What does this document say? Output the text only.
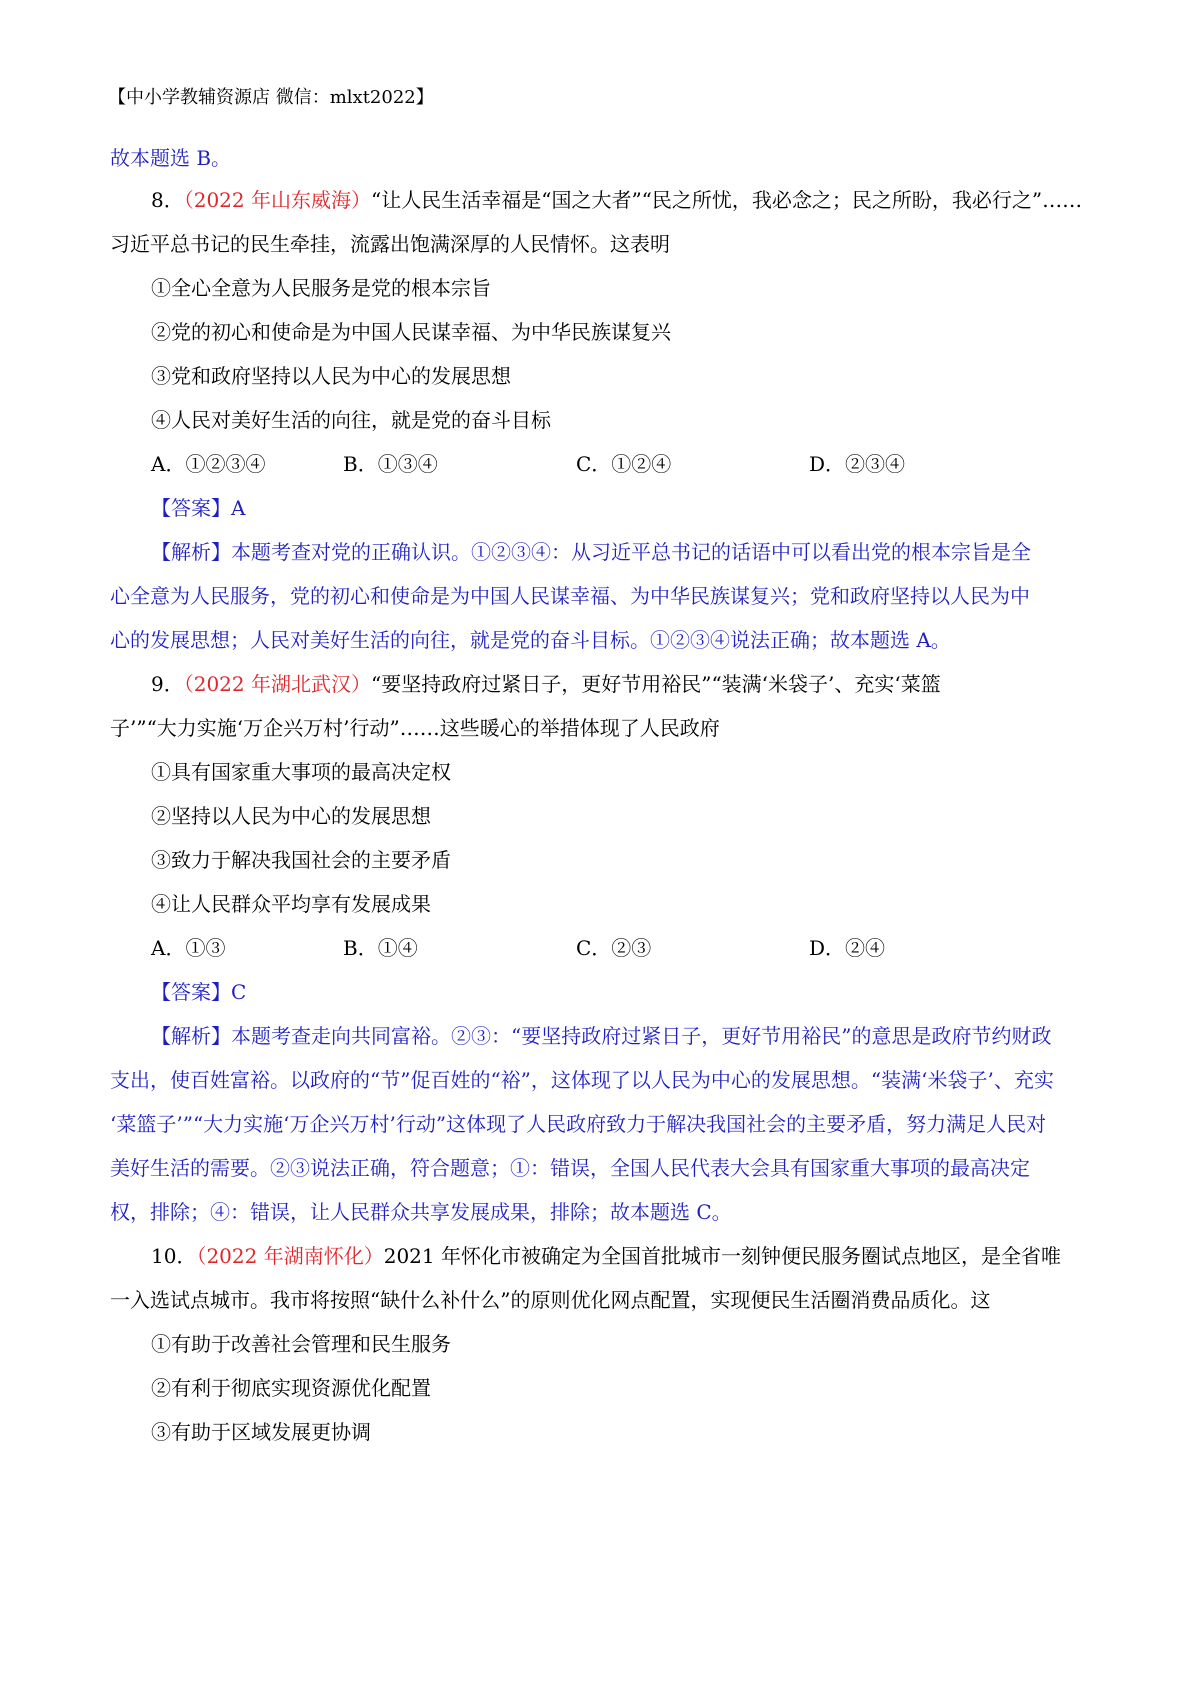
【中小学教辅资源店 微信：mlxt2022】
故本题选 B。
8．（2022 年山东威海）“让人民生活幸福是“国之大者”“民之所忧，我必念之；民之所盼，我必行之”……
习近平总书记的民生牵挂，流露出饱满深厚的人民情怀。这表明
①全心全意为人民服务是党的根本宗旨
②党的初心和使命是为中国人民谋幸福、为中华民族谋复兴
③党和政府坚持以人民为中心的发展思想
④人民对美好生活的向往，就是党的奋斗目标
A．①②③④	B．①③④	C．①②④	D．②③④
【答案】A
【解析】本题考查对党的正确认识。①②③④：从习近平总书记的话语中可以看出党的根本宗旨是全
心全意为人民服务，党的初心和使命是为中国人民谋幸福、为中华民族谋复兴；党和政府坚持以人民为中
心的发展思想；人民对美好生活的向往，就是党的奋斗目标。①②③④说法正确；故本题选 A。
9．（2022 年湖北武汉）“要坚持政府过紧日子，更好节用裕民”“装满‘米袋子’、充实‘菜篮
子’”“大力实施‘万企兴万村’行动”……这些暖心的举措体现了人民政府
①具有国家重大事项的最高决定权
②坚持以人民为中心的发展思想
③致力于解决我国社会的主要矛盾
④让人民群众平均享有发展成果
A．①③	B．①④	C．②③	D．②④
【答案】C
【解析】本题考查走向共同富裕。②③：“要坚持政府过紧日子，更好节用裕民”的意思是政府节约财政
支出，使百姓富裕。以政府的“节”促百姓的“裕”，这体现了以人民为中心的发展思想。“装满‘米袋子’、充实
‘菜篮子’”“大力实施‘万企兴万村’行动”这体现了人民政府致力于解决我国社会的主要矛盾，努力满足人民对
美好生活的需要。②③说法正确，符合题意；①：错误，全国人民代表大会具有国家重大事项的最高决定
权，排除；④：错误，让人民群众共享发展成果，排除；故本题选 C。
10．（2022 年湖南怀化）2021 年怀化市被确定为全国首批城市一刻钟便民服务圈试点地区，是全省唯
一入选试点城市。我市将按照“缺什么补什么”的原则优化网点配置，实现便民生活圈消费品质化。这
①有助于改善社会管理和民生服务
②有利于彻底实现资源优化配置
③有助于区域发展更协调
